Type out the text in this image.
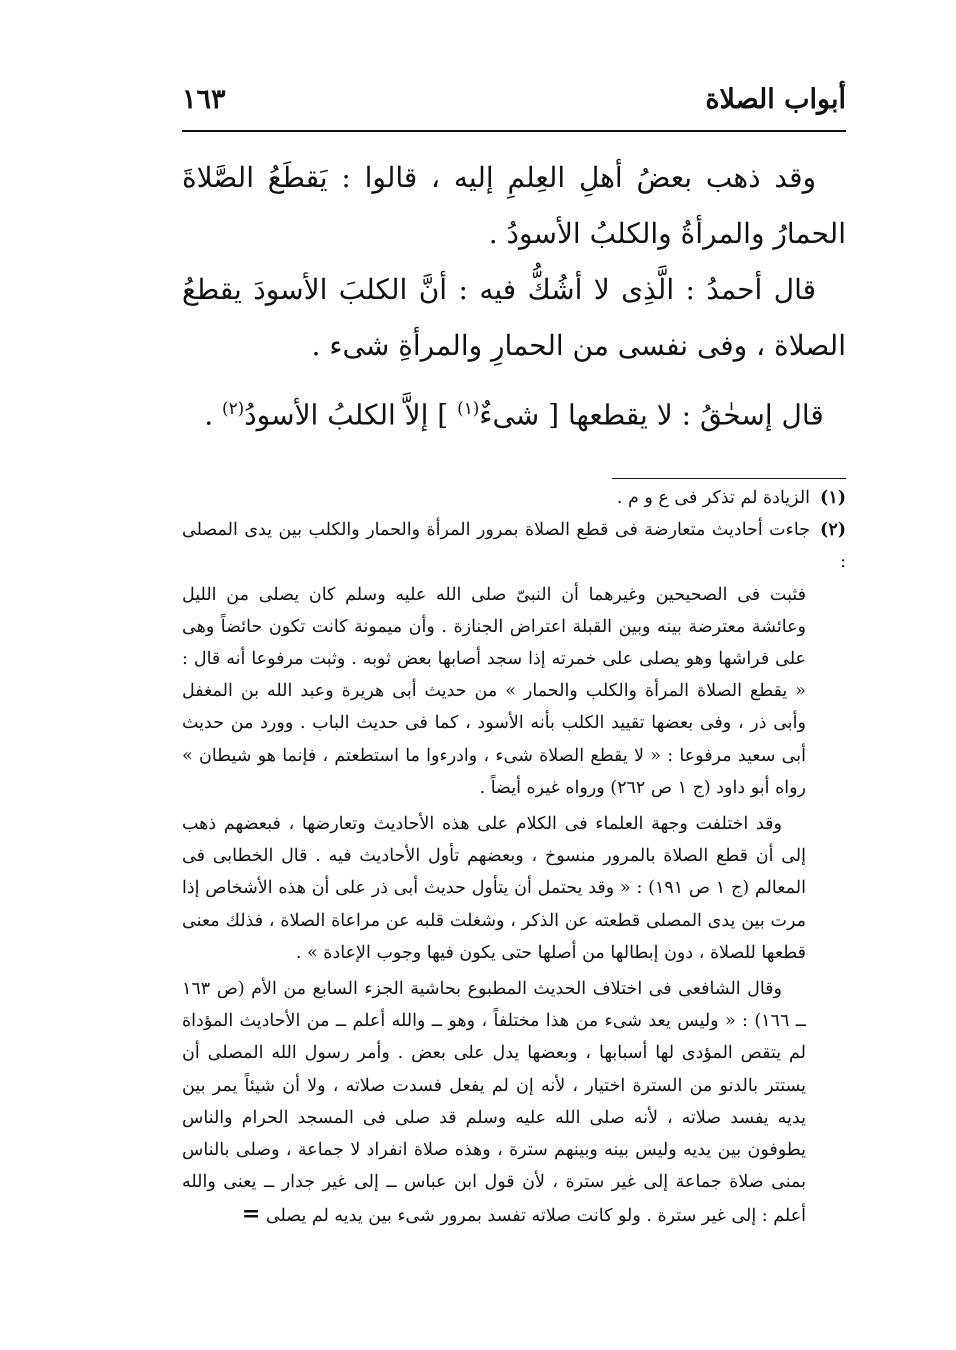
أبواب الصلاة
١٦٣

وقد ذهب بعضُ أهلِ العِلمِ إليه ، قالوا : يَقطَعُ الصَّلاةَ الحمارُ والمرأةُ والكلبُ الأسودُ .

قال أحمدُ : الَّذِى لا أشُكُّ فيه : أنَّ الكلبَ الأسودَ يقطعُ الصلاة ، وفى نفسى من الحمارِ والمرأةِ شىء .

قال إسحٰقُ : لا يقطعها [ شىءٌ$^{(١)}$ ] إلاَّ الكلبُ الأسودُ$^{(٢)}$ .

(١)الزيادة لم تذكر فى ع و م .

(٢)جاءت أحاديث متعارضة فى قطع الصلاة بمرور المرأة والحمار والكلب بين يدى المصلى :

فثبت فى الصحيحين وغيرهما أن النبىّ صلى الله عليه وسلم كان يصلى من الليل وعائشة معترضة بينه وبين القبلة اعتراض الجنازة . وأن ميمونة كانت تكون حائضاً وهى على فراشها وهو يصلى على خمرته إذا سجد أصابها بعض ثوبه . وثبت مرفوعا أنه قال : « يقطع الصلاة المرأة والكلب والحمار » من حديث أبى هريرة وعبد الله بن المغفل وأبى ذر ، وفى بعضها تقييد الكلب بأنه الأسود ، كما فى حديث الباب . وورد من حديث أبى سعيد مرفوعا : « لا يقطع الصلاة شىء ، وادرءوا ما استطعتم ، فإنما هو شيطان » رواه أبو داود (ج ١ ص ٢٦٢) ورواه غيره أيضاً .

وقد اختلفت وجهة العلماء فى الكلام على هذه الأحاديث وتعارضها ، فبعضهم ذهب إلى أن قطع الصلاة بالمرور منسوخ ، وبعضهم تأول الأحاديث فيه . قال الخطابى فى المعالم (ج ١ ص ١٩١) : « وقد يحتمل أن يتأول حديث أبى ذر على أن هذه الأشخاص إذا مرت بين يدى المصلى قطعته عن الذكر ، وشغلت قلبه عن مراعاة الصلاة ، فذلك معنى قطعها للصلاة ، دون إبطالها من أصلها حتى يكون فيها وجوب الإعادة » .

وقال الشافعى فى اختلاف الحديث المطبوع بحاشية الجزء السابع من الأم (ص ١٦٣ ــ ١٦٦) : « وليس يعد شىء من هذا مختلفاً ، وهو ــ والله أعلم ــ من الأحاديث المؤداة لم يتقص المؤدى لها أسبابها ، وبعضها يدل على بعض . وأمر رسول الله المصلى أن يستتر بالدنو من السترة اختيار ، لأنه إن لم يفعل فسدت صلاته ، ولا أن شيئاً يمر بين يديه يفسد صلاته ، لأنه صلى الله عليه وسلم قد صلى فى المسجد الحرام والناس يطوفون بين يديه وليس بينه وبينهم سترة ، وهذه صلاة انفراد لا جماعة ، وصلى بالناس بمنى صلاة جماعة إلى غير سترة ، لأن قول ابن عباس ــ إلى غير جدار ــ يعنى والله أعلم : إلى غير سترة . ولو كانت صلاته تفسد بمرور شىء بين يديه لم يصلى =
